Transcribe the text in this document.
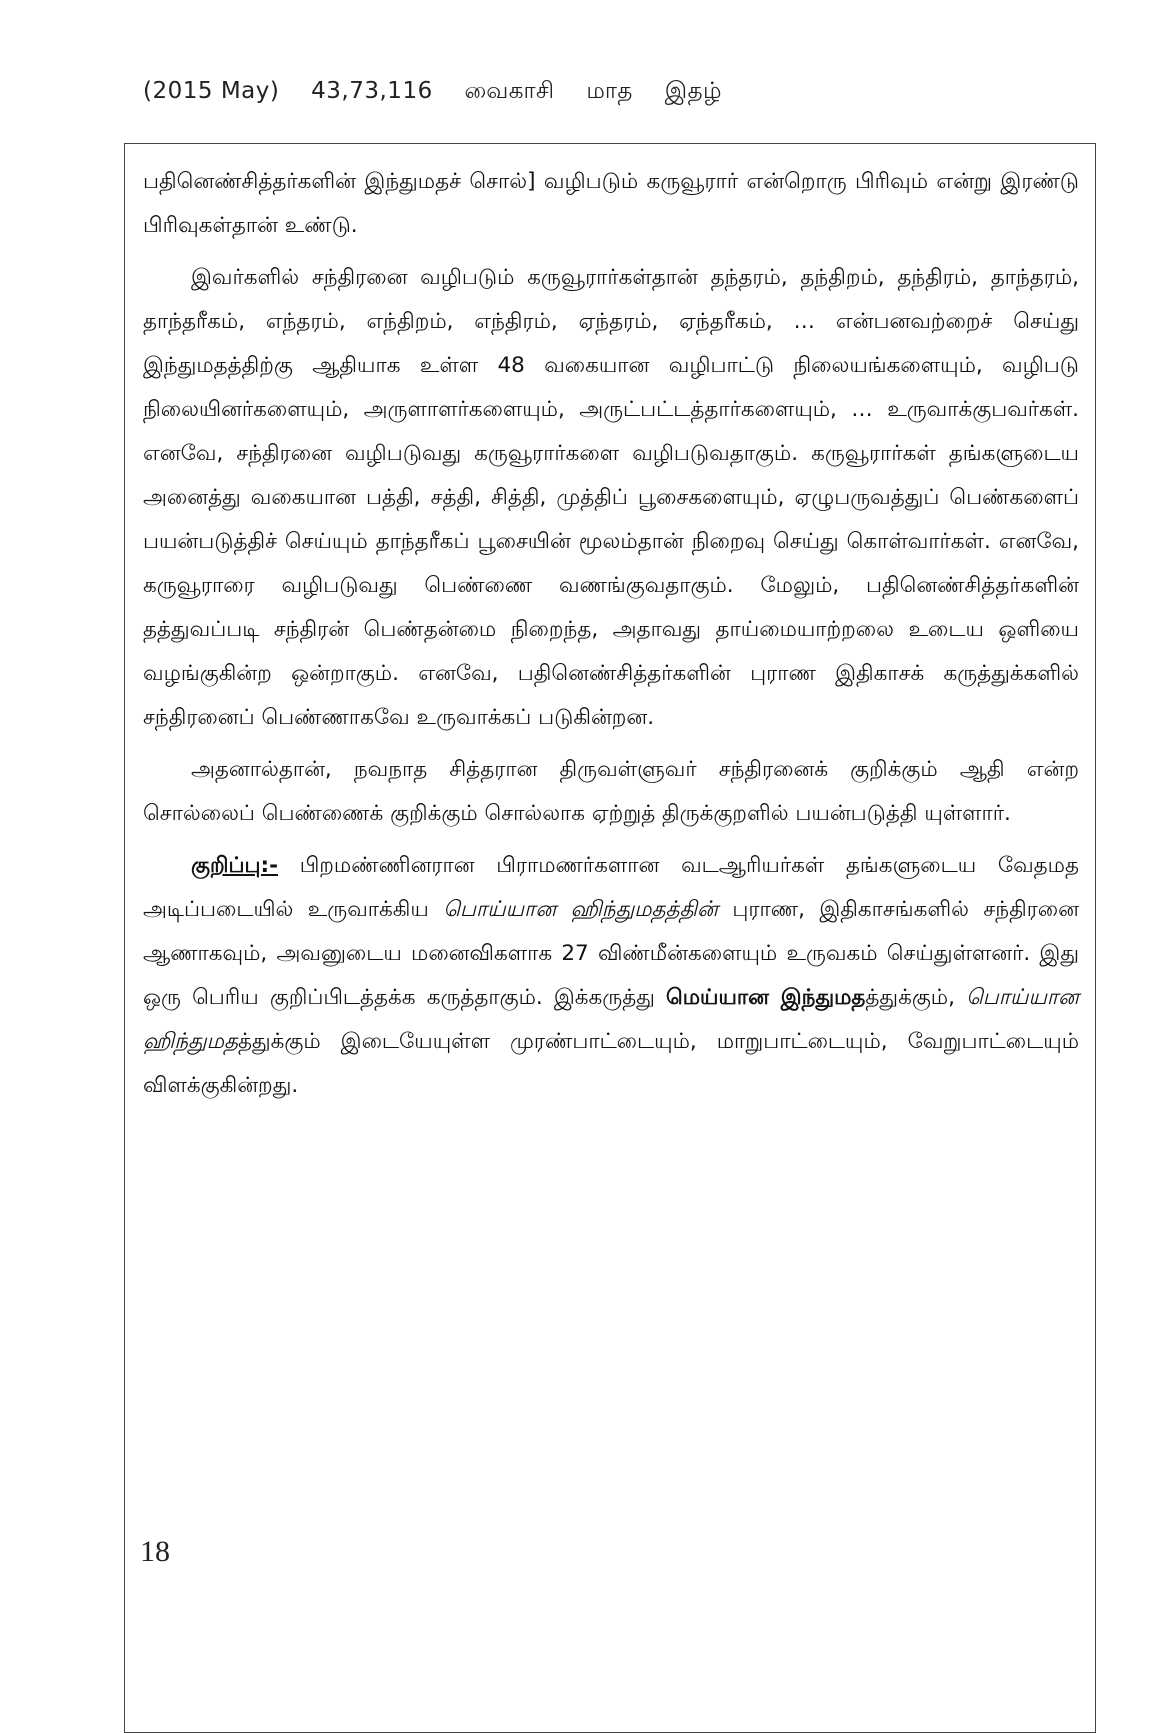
(2015 May) 43,73,116 வைகாசி மாத இதழ்

பதினெண்சித்தர்களின் இந்துமதச் சொல்] வழிபடும் கருவூரார் என்றொரு பிரிவும் என்று இரண்டு பிரிவுகள்தான் உண்டு.

இவர்களில் சந்திரனை வழிபடும் கருவூரார்கள்தான் தந்தரம், தந்திறம், தந்திரம், தாந்தரம், தாந்தரீகம், எந்தரம், எந்திறம், எந்திரம், ஏந்தரம், ஏந்தரீகம், … என்பனவற்றைச் செய்து இந்துமதத்திற்கு ஆதியாக உள்ள 48 வகையான வழிபாட்டு நிலையங்களையும், வழிபடு நிலையினர்களையும், அருளாளர்களையும், அருட்பட்டத்தார்களையும், … உருவாக்குபவர்கள். எனவே, சந்திரனை வழிபடுவது கருவூரார்களை வழிபடுவதாகும். கருவூரார்கள் தங்களுடைய அனைத்து வகையான பத்தி, சத்தி, சித்தி, முத்திப் பூசைகளையும், ஏழுபருவத்துப் பெண்களைப் பயன்படுத்திச் செய்யும் தாந்தரீகப் பூசையின் மூலம்தான் நிறைவு செய்து கொள்வார்கள். எனவே, கருவூராரை வழிபடுவது பெண்ணை வணங்குவதாகும். மேலும், பதினெண்சித்தர்களின் தத்துவப்படி சந்திரன் பெண்தன்மை நிறைந்த, அதாவது தாய்மையாற்றலை உடைய ஒளியை வழங்குகின்ற ஒன்றாகும். எனவே, பதினெண்சித்தர்களின் புராண இதிகாசக் கருத்துக்களில் சந்திரனைப் பெண்ணாகவே உருவாக்கப் படுகின்றன.

அதனால்தான், நவநாத சித்தரான திருவள்ளுவர் சந்திரனைக் குறிக்கும் ஆதி என்ற சொல்லைப் பெண்ணைக் குறிக்கும் சொல்லாக ஏற்றுத் திருக்குறளில் பயன்படுத்தி யுள்ளார்.

குறிப்பு:- பிறமண்ணினரான பிராமணர்களான வடஆரியர்கள் தங்களுடைய வேதமத அடிப்படையில் உருவாக்கிய பொய்யான ஹிந்துமதத்தின் புராண, இதிகாசங்களில் சந்திரனை ஆணாகவும், அவனுடைய மனைவிகளாக 27 விண்மீன்களையும் உருவகம் செய்துள்ளனர். இது ஒரு பெரிய குறிப்பிடத்தக்க கருத்தாகும். இக்கருத்து மெய்யான இந்துமதத்துக்கும், பொய்யான ஹிந்துமதத்துக்கும் இடையேயுள்ள முரண்பாட்டையும், மாறுபாட்டையும், வேறுபாட்டையும் விளக்குகின்றது.

18
